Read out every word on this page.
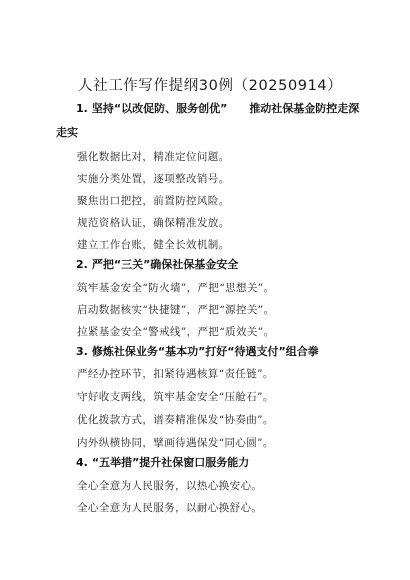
人社工作写作提纲30例（20250914）
1. 坚持“以改促防、服务创优” 推动社保基金防控走深
走实
强化数据比对，精准定位问题。
实施分类处置，逐项整改销号。
聚焦出口把控，前置防控风险。
规范资格认证，确保精准发放。
建立工作台账，健全长效机制。
2. 严把“三关”确保社保基金安全
筑牢基金安全“防火墙”，严把“思想关”。
启动数据核实“快捷键”，严把“源控关”。
拉紧基金安全“警戒线”，严把“质效关”。
3. 修炼社保业务“基本功”打好“待遇支付”组合拳
严经办控环节，扣紧待遇核算“责任链”。
守好收支两线，筑牢基金安全“压舱石”。
优化拨款方式，谱奏精准保发“协奏曲”。
内外纵横协同，擘画待遇保发“同心圆”。
4. “五举措”提升社保窗口服务能力
全心全意为人民服务，以热心换安心。
全心全意为人民服务，以耐心换舒心。
